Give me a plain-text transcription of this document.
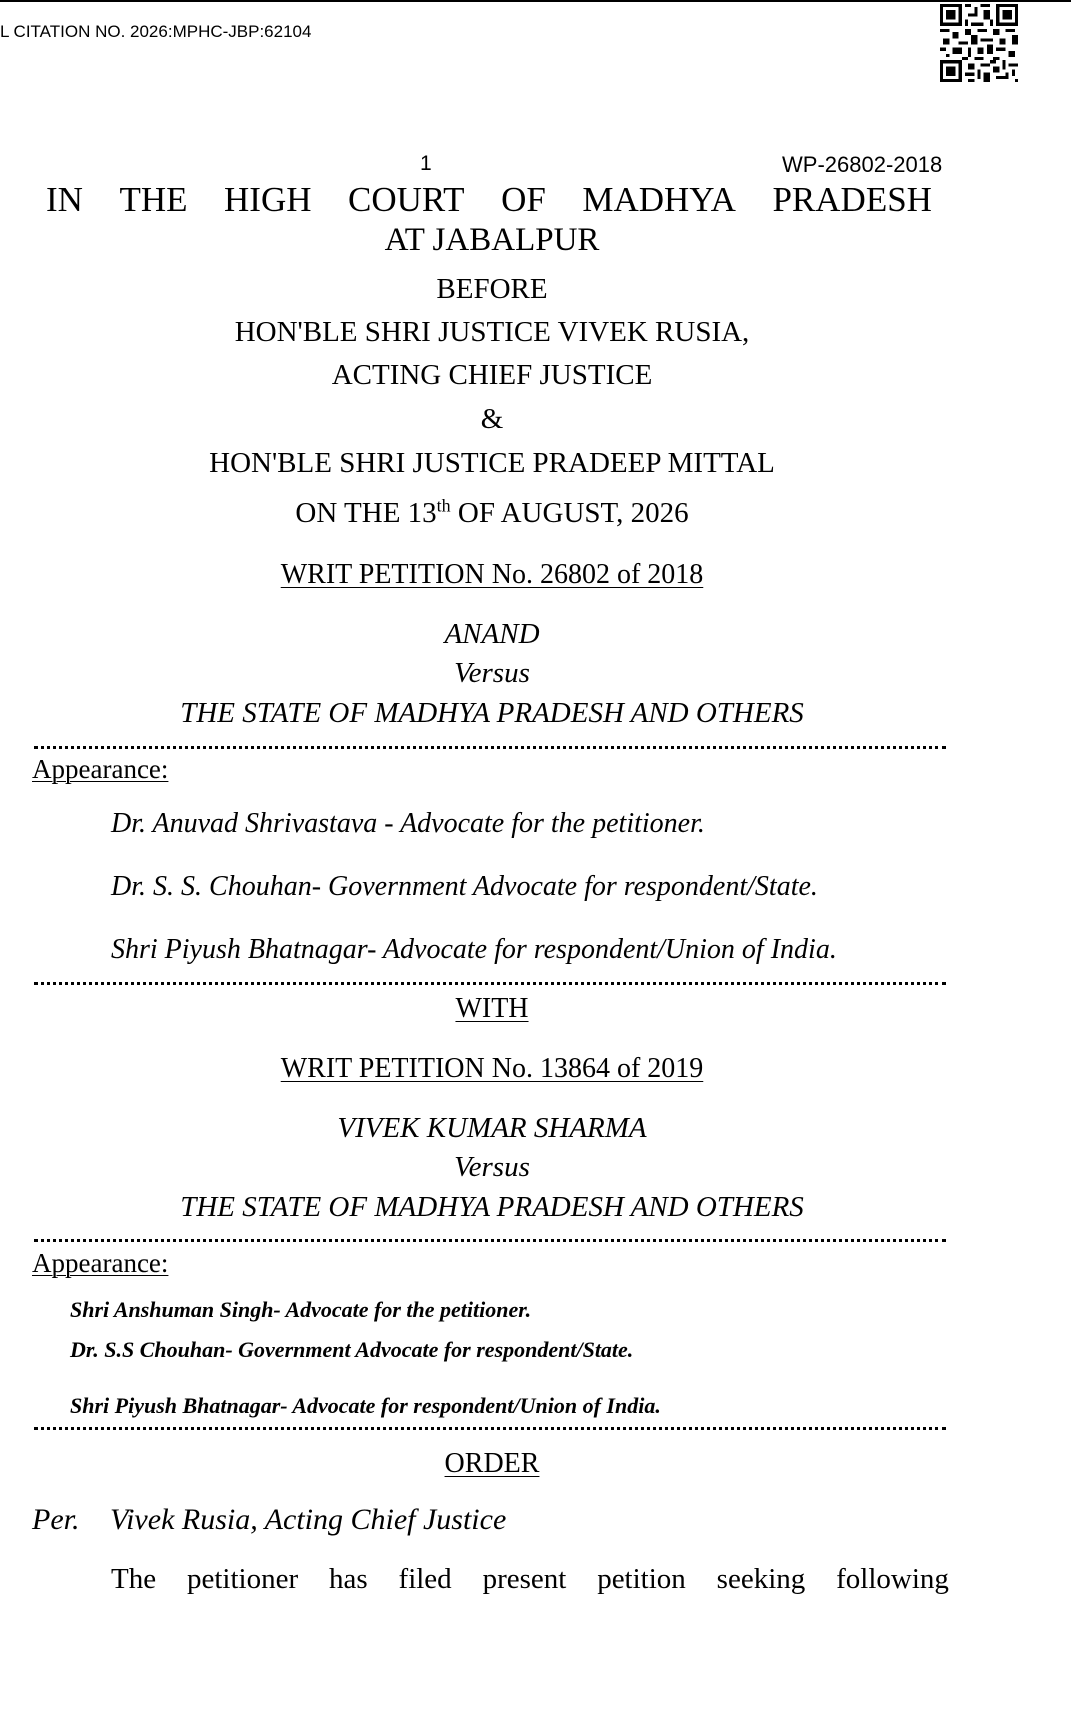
L CITATION NO. 2026:MPHC-JBP:62104
1	WP-26802-2018
IN THE HIGH COURT OF MADHYA PRADESH
AT JABALPUR
BEFORE
HON'BLE SHRI JUSTICE VIVEK RUSIA,
ACTING CHIEF JUSTICE
&
HON'BLE SHRI JUSTICE PRADEEP MITTAL
ON THE 13th OF AUGUST, 2026
WRIT PETITION No. 26802 of 2018
ANAND
Versus
THE STATE OF MADHYA PRADESH AND OTHERS
Appearance:
Dr. Anuvad Shrivastava - Advocate for the petitioner.
Dr. S. S. Chouhan- Government Advocate for respondent/State.
Shri Piyush Bhatnagar- Advocate for respondent/Union of India.
WITH
WRIT PETITION No. 13864 of 2019
VIVEK KUMAR SHARMA
Versus
THE STATE OF MADHYA PRADESH AND OTHERS
Appearance:
Shri Anshuman Singh- Advocate for the petitioner.
Dr. S.S Chouhan- Government Advocate for respondent/State.
Shri Piyush Bhatnagar- Advocate for respondent/Union of India.
ORDER
Per. Vivek Rusia, Acting Chief Justice
The petitioner has filed present petition seeking following
